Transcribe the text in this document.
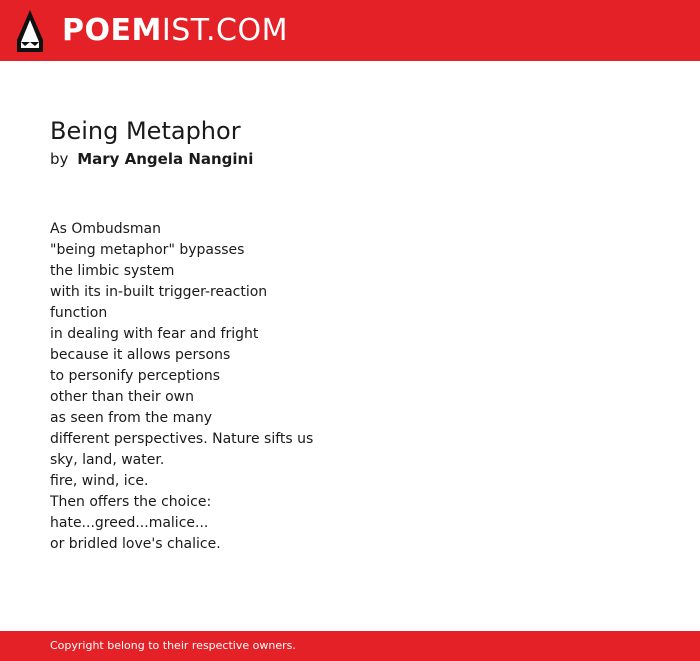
POEMIST.COM
Being Metaphor
by Mary Angela Nangini
As Ombudsman
"being metaphor" bypasses
the limbic system
with its in-built trigger-reaction
function
in dealing with fear and fright
because it allows persons
to personify perceptions
other than their own
as seen from the many
different perspectives. Nature sifts us
sky, land, water.
fire, wind, ice.
Then offers the choice:
hate...greed...malice...
or bridled love's chalice.
Copyright belong to their respective owners.
